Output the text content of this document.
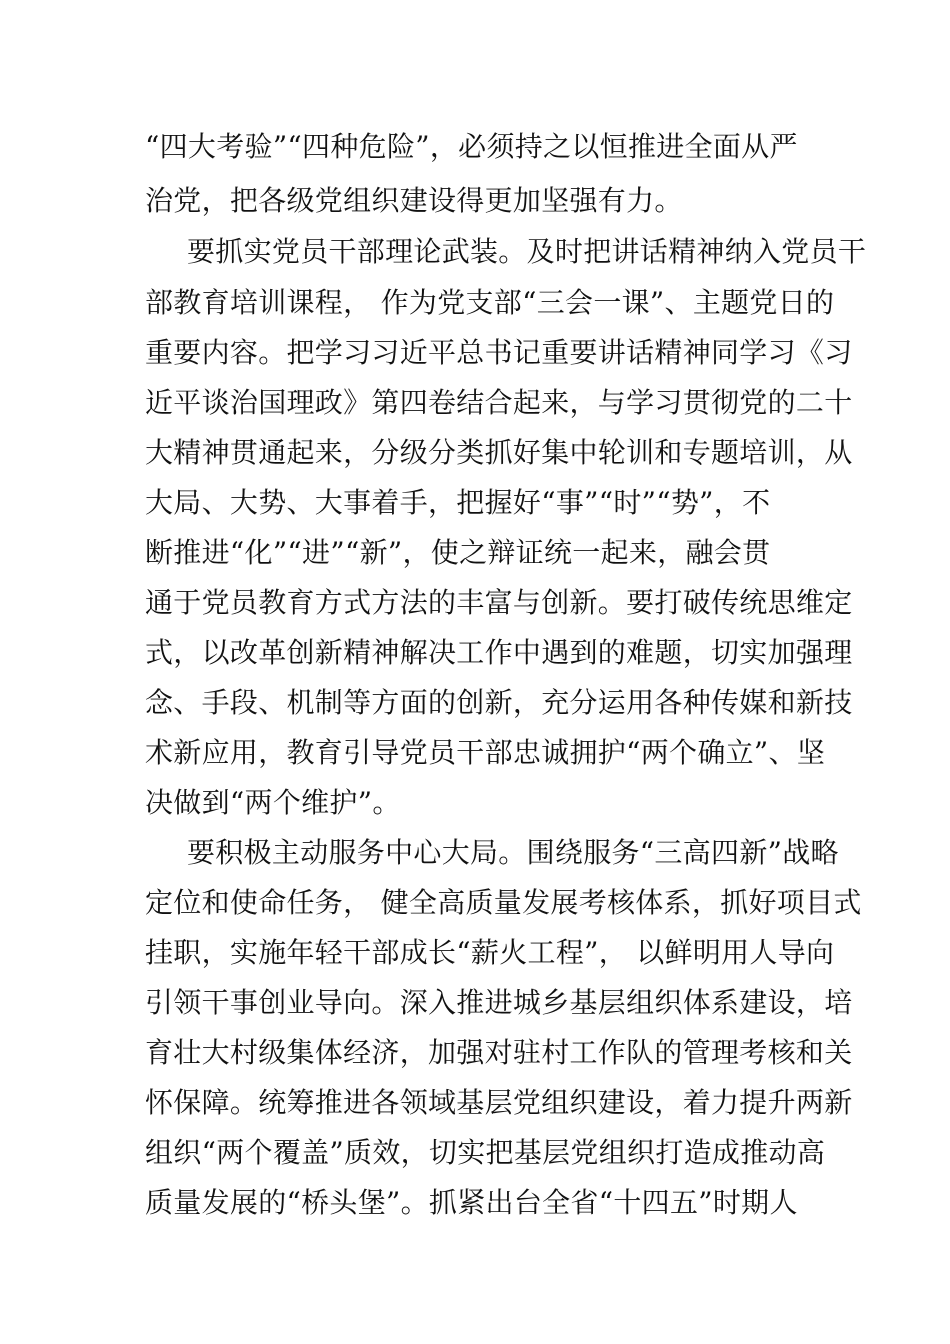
“四大考验”“四种危险”，必须持之以恒推进全面从严
治党，把各级党组织建设得更加坚强有力。
要抓实党员干部理论武装。及时把讲话精神纳入党员干
部教育培训课程， 作为党支部“三会一课”、主题党日的
重要内容。把学习习近平总书记重要讲话精神同学习《习
近平谈治国理政》第四卷结合起来，与学习贯彻党的二十
大精神贯通起来，分级分类抓好集中轮训和专题培训，从
大局、大势、大事着手，把握好“事”“时”“势”，不
断推进“化”“进”“新”，使之辩证统一起来，融会贯
通于党员教育方式方法的丰富与创新。要打破传统思维定
式，以改革创新精神解决工作中遇到的难题，切实加强理
念、手段、机制等方面的创新，充分运用各种传媒和新技
术新应用，教育引导党员干部忠诚拥护“两个确立”、坚
决做到“两个维护”。
要积极主动服务中心大局。围绕服务“三高四新”战略
定位和使命任务， 健全高质量发展考核体系，抓好项目式
挂职，实施年轻干部成长“薪火工程”， 以鲜明用人导向
引领干事创业导向。深入推进城乡基层组织体系建设，培
育壮大村级集体经济，加强对驻村工作队的管理考核和关
怀保障。统筹推进各领域基层党组织建设，着力提升两新
组织“两个覆盖”质效，切实把基层党组织打造成推动高
质量发展的“桥头堡”。抓紧出台全省“十四五”时期人
